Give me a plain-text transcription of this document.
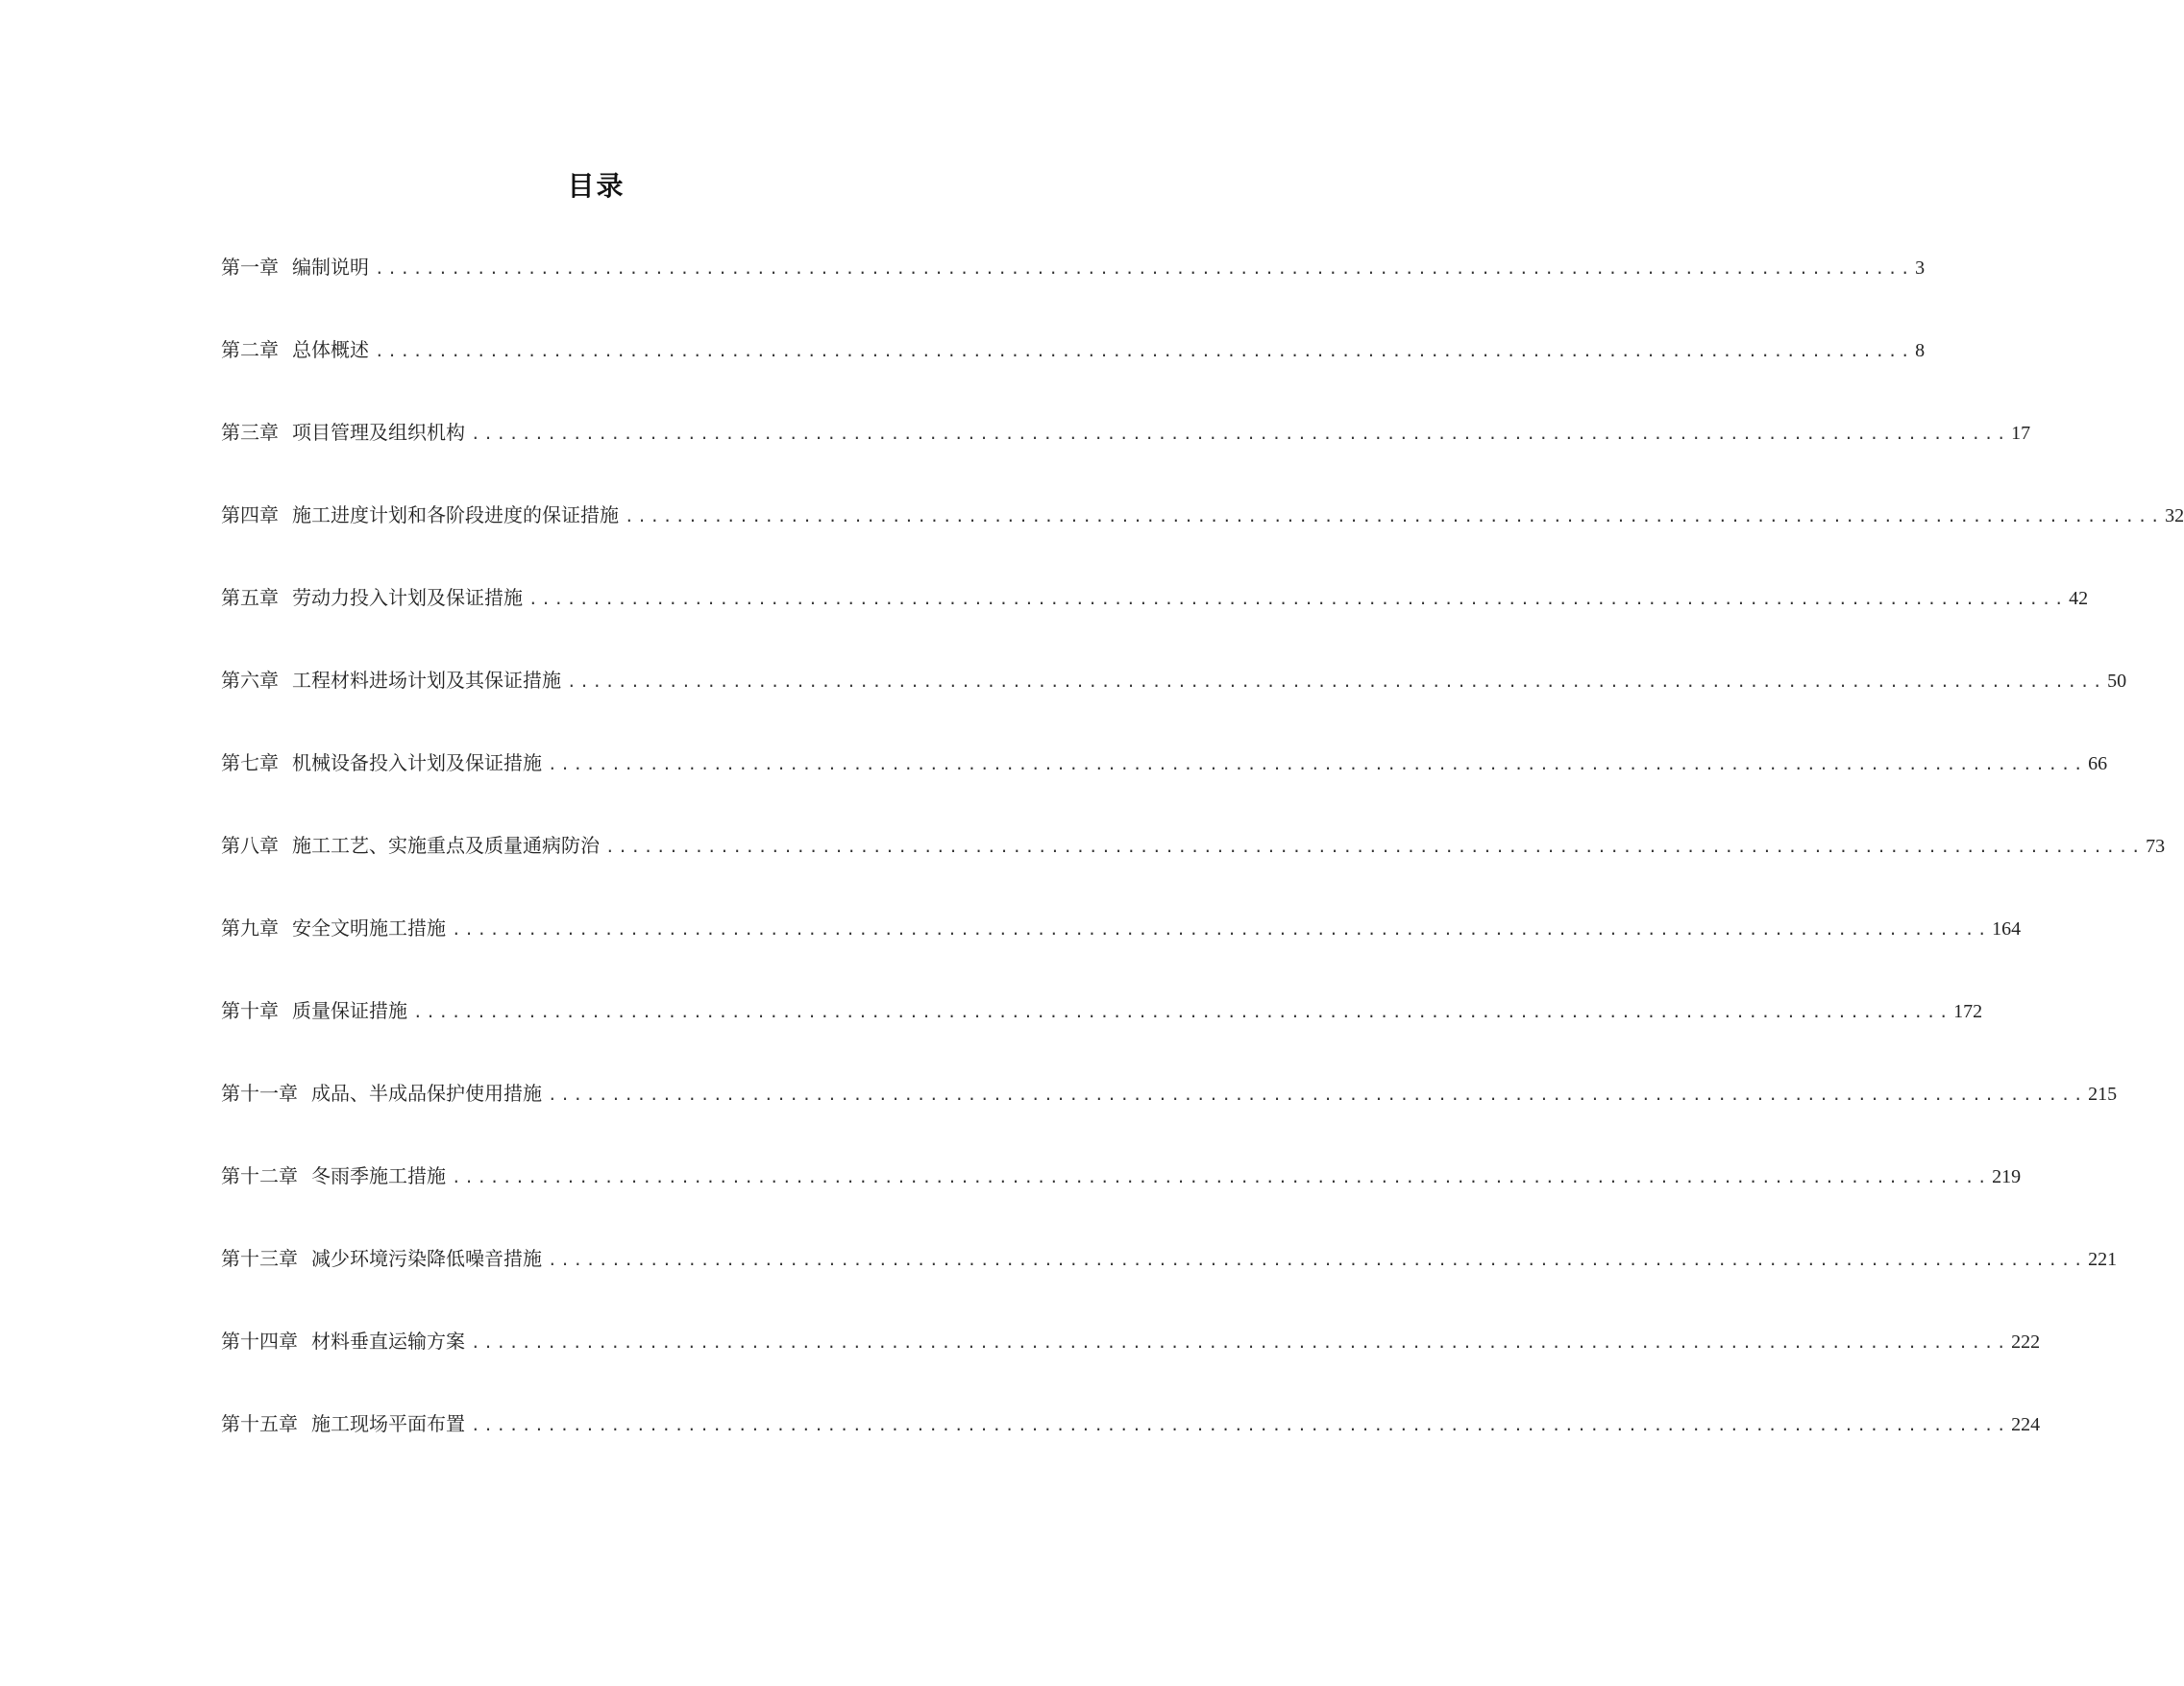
目录
第一章 编制说明 ......................................................................................................................... 3
第二章 总体概述 ......................................................................................................................... 8
第三章 项目管理及组织机构 ......................................................................................................................... 17
第四章 施工进度计划和各阶段进度的保证措施 ......................................................................................................................... 32
第五章 劳动力投入计划及保证措施 ......................................................................................................................... 42
第六章 工程材料进场计划及其保证措施 ......................................................................................................................... 50
第七章 机械设备投入计划及保证措施 ......................................................................................................................... 66
第八章 施工工艺、实施重点及质量通病防治 ......................................................................................................................... 73
第九章 安全文明施工措施 ......................................................................................................................... 164
第十章 质量保证措施 ......................................................................................................................... 172
第十一章 成品、半成品保护使用措施 ......................................................................................................................... 215
第十二章 冬雨季施工措施 ......................................................................................................................... 219
第十三章 减少环境污染降低噪音措施 ......................................................................................................................... 221
第十四章 材料垂直运输方案 ......................................................................................................................... 222
第十五章 施工现场平面布置 ......................................................................................................................... 224
